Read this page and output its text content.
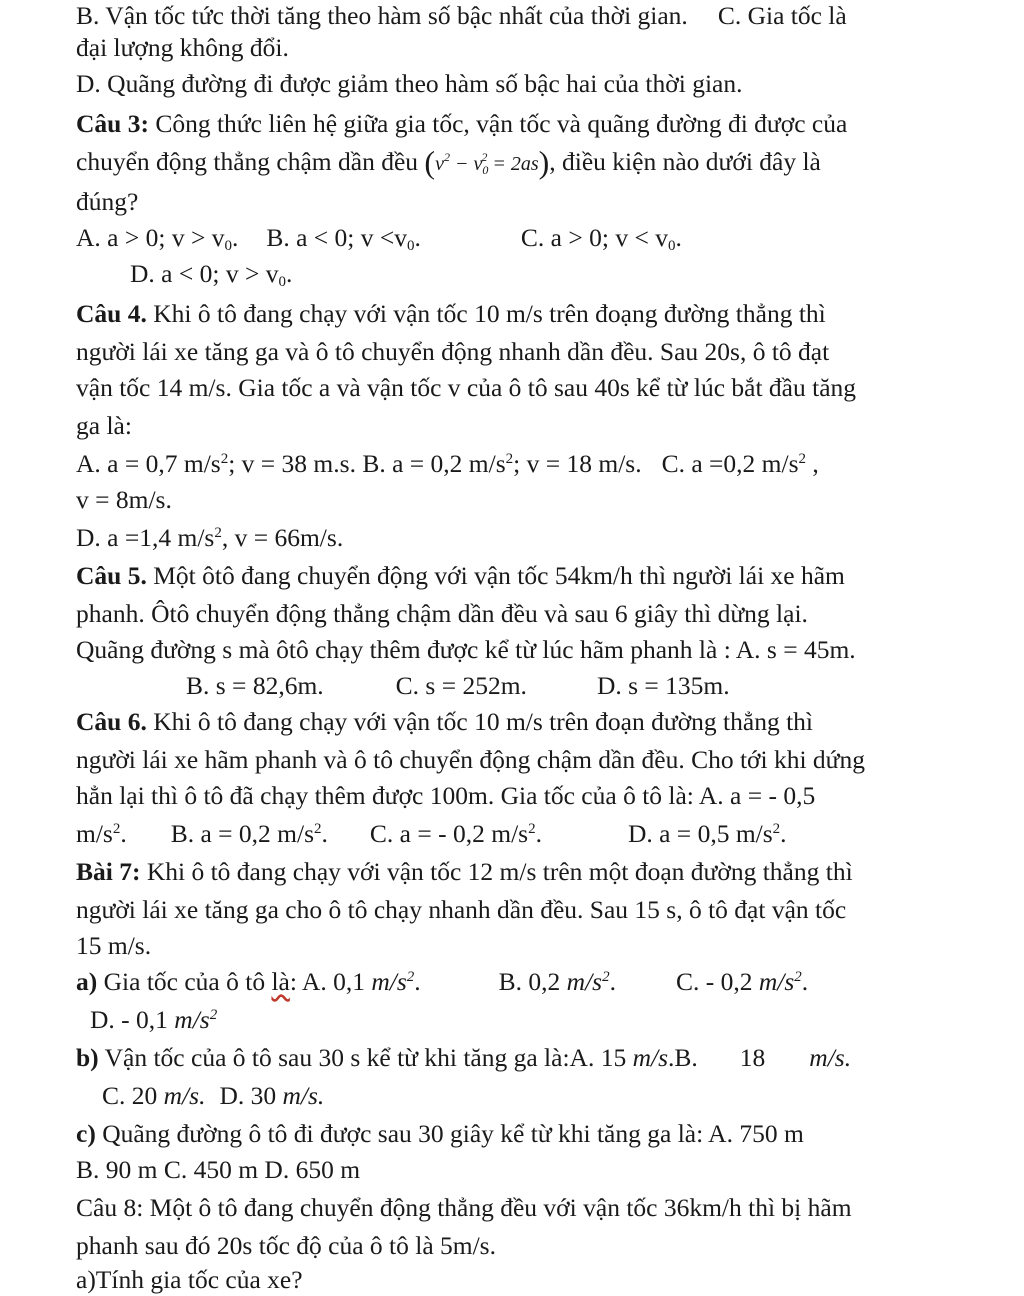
B. Vận tốc tức thời tăng theo hàm số bậc nhất của thời gian. C. Gia tốc là
đại lượng không đổi.
D. Quãng đường đi được giảm theo hàm số bậc hai của thời gian.
Câu 3: Công thức liên hệ giữa gia tốc, vận tốc và quãng đường đi được của
chuyển động thẳng chậm dần đều $(v^2 - v_0^2 = 2as)$, điều kiện nào dưới đây là
đúng?
A. a > 0; $v > v_0$. B. a < 0; $v <v_0$.	C. a > 0; $v < v_0$.
D. a < 0; $v > v_0$.
Câu 4. Khi ô tô đang chạy với vận tốc 10 m/s trên đoạng đường thẳng thì
người lái xe tăng ga và ô tô chuyển động nhanh dần đều. Sau 20s, ô tô đạt
vận tốc 14 m/s. Gia tốc a và vận tốc v của ô tô sau 40s kể từ lúc bắt đầu tăng
ga là:
A. a = 0,7 $m/s^2$; v = 38 m.s. B. a = 0,2 $m/s^2$; v = 18 m/s. C. a =0,2 $m/s^2$ ,
v = 8m/s.
D. a =1,4 $m/s^2$, v = 66m/s.
Câu 5. Một ôtô đang chuyển động với vận tốc 54km/h thì người lái xe hãm
phanh. Ôtô chuyển động thẳng chậm dần đều và sau 6 giây thì dừng lại.
Quãng đường s mà ôtô chạy thêm được kể từ lúc hãm phanh là : A. s = 45m.
B. s = 82,6m.	C. s = 252m.	D. s = 135m.
Câu 6. Khi ô tô đang chạy với vận tốc 10 m/s trên đoạn đường thẳng thì
người lái xe hãm phanh và ô tô chuyển động chậm dần đều. Cho tới khi dứng
hẳn lại thì ô tô đã chạy thêm được 100m. Gia tốc của ô tô là: A. a = - 0,5
$m/s^2$. B. a = 0,2 $m/s^2$. C. a = - 0,2 $m/s^2$.	D. a = 0,5 $m/s^2$.
Bài 7: Khi ô tô đang chạy với vận tốc 12 m/s trên một đoạn đường thẳng thì
người lái xe tăng ga cho ô tô chạy nhanh dần đều. Sau 15 s, ô tô đạt vận tốc
15 m/s.
a) Gia tốc của ô tô là: A. 0,1 $m/s^2$.	B. 0,2 $m/s^2$. C. - 0,2 $m/s^2$.
D. - 0,1 $m/s^2$
b) Vận tốc của ô tô sau 30 s kể từ khi tăng ga là:A. 15 m/s.B. 18 m/s.
C. 20 m/s. D. 30 m/s.
c) Quãng đường ô tô đi được sau 30 giây kể từ khi tăng ga là: A. 750 m
B. 90 m C. 450 m D. 650 m
Câu 8: Một ô tô đang chuyển động thẳng đều với vận tốc 36km/h thì bị hãm
phanh sau đó 20s tốc độ của ô tô là 5m/s.
a)Tính gia tốc của xe?
